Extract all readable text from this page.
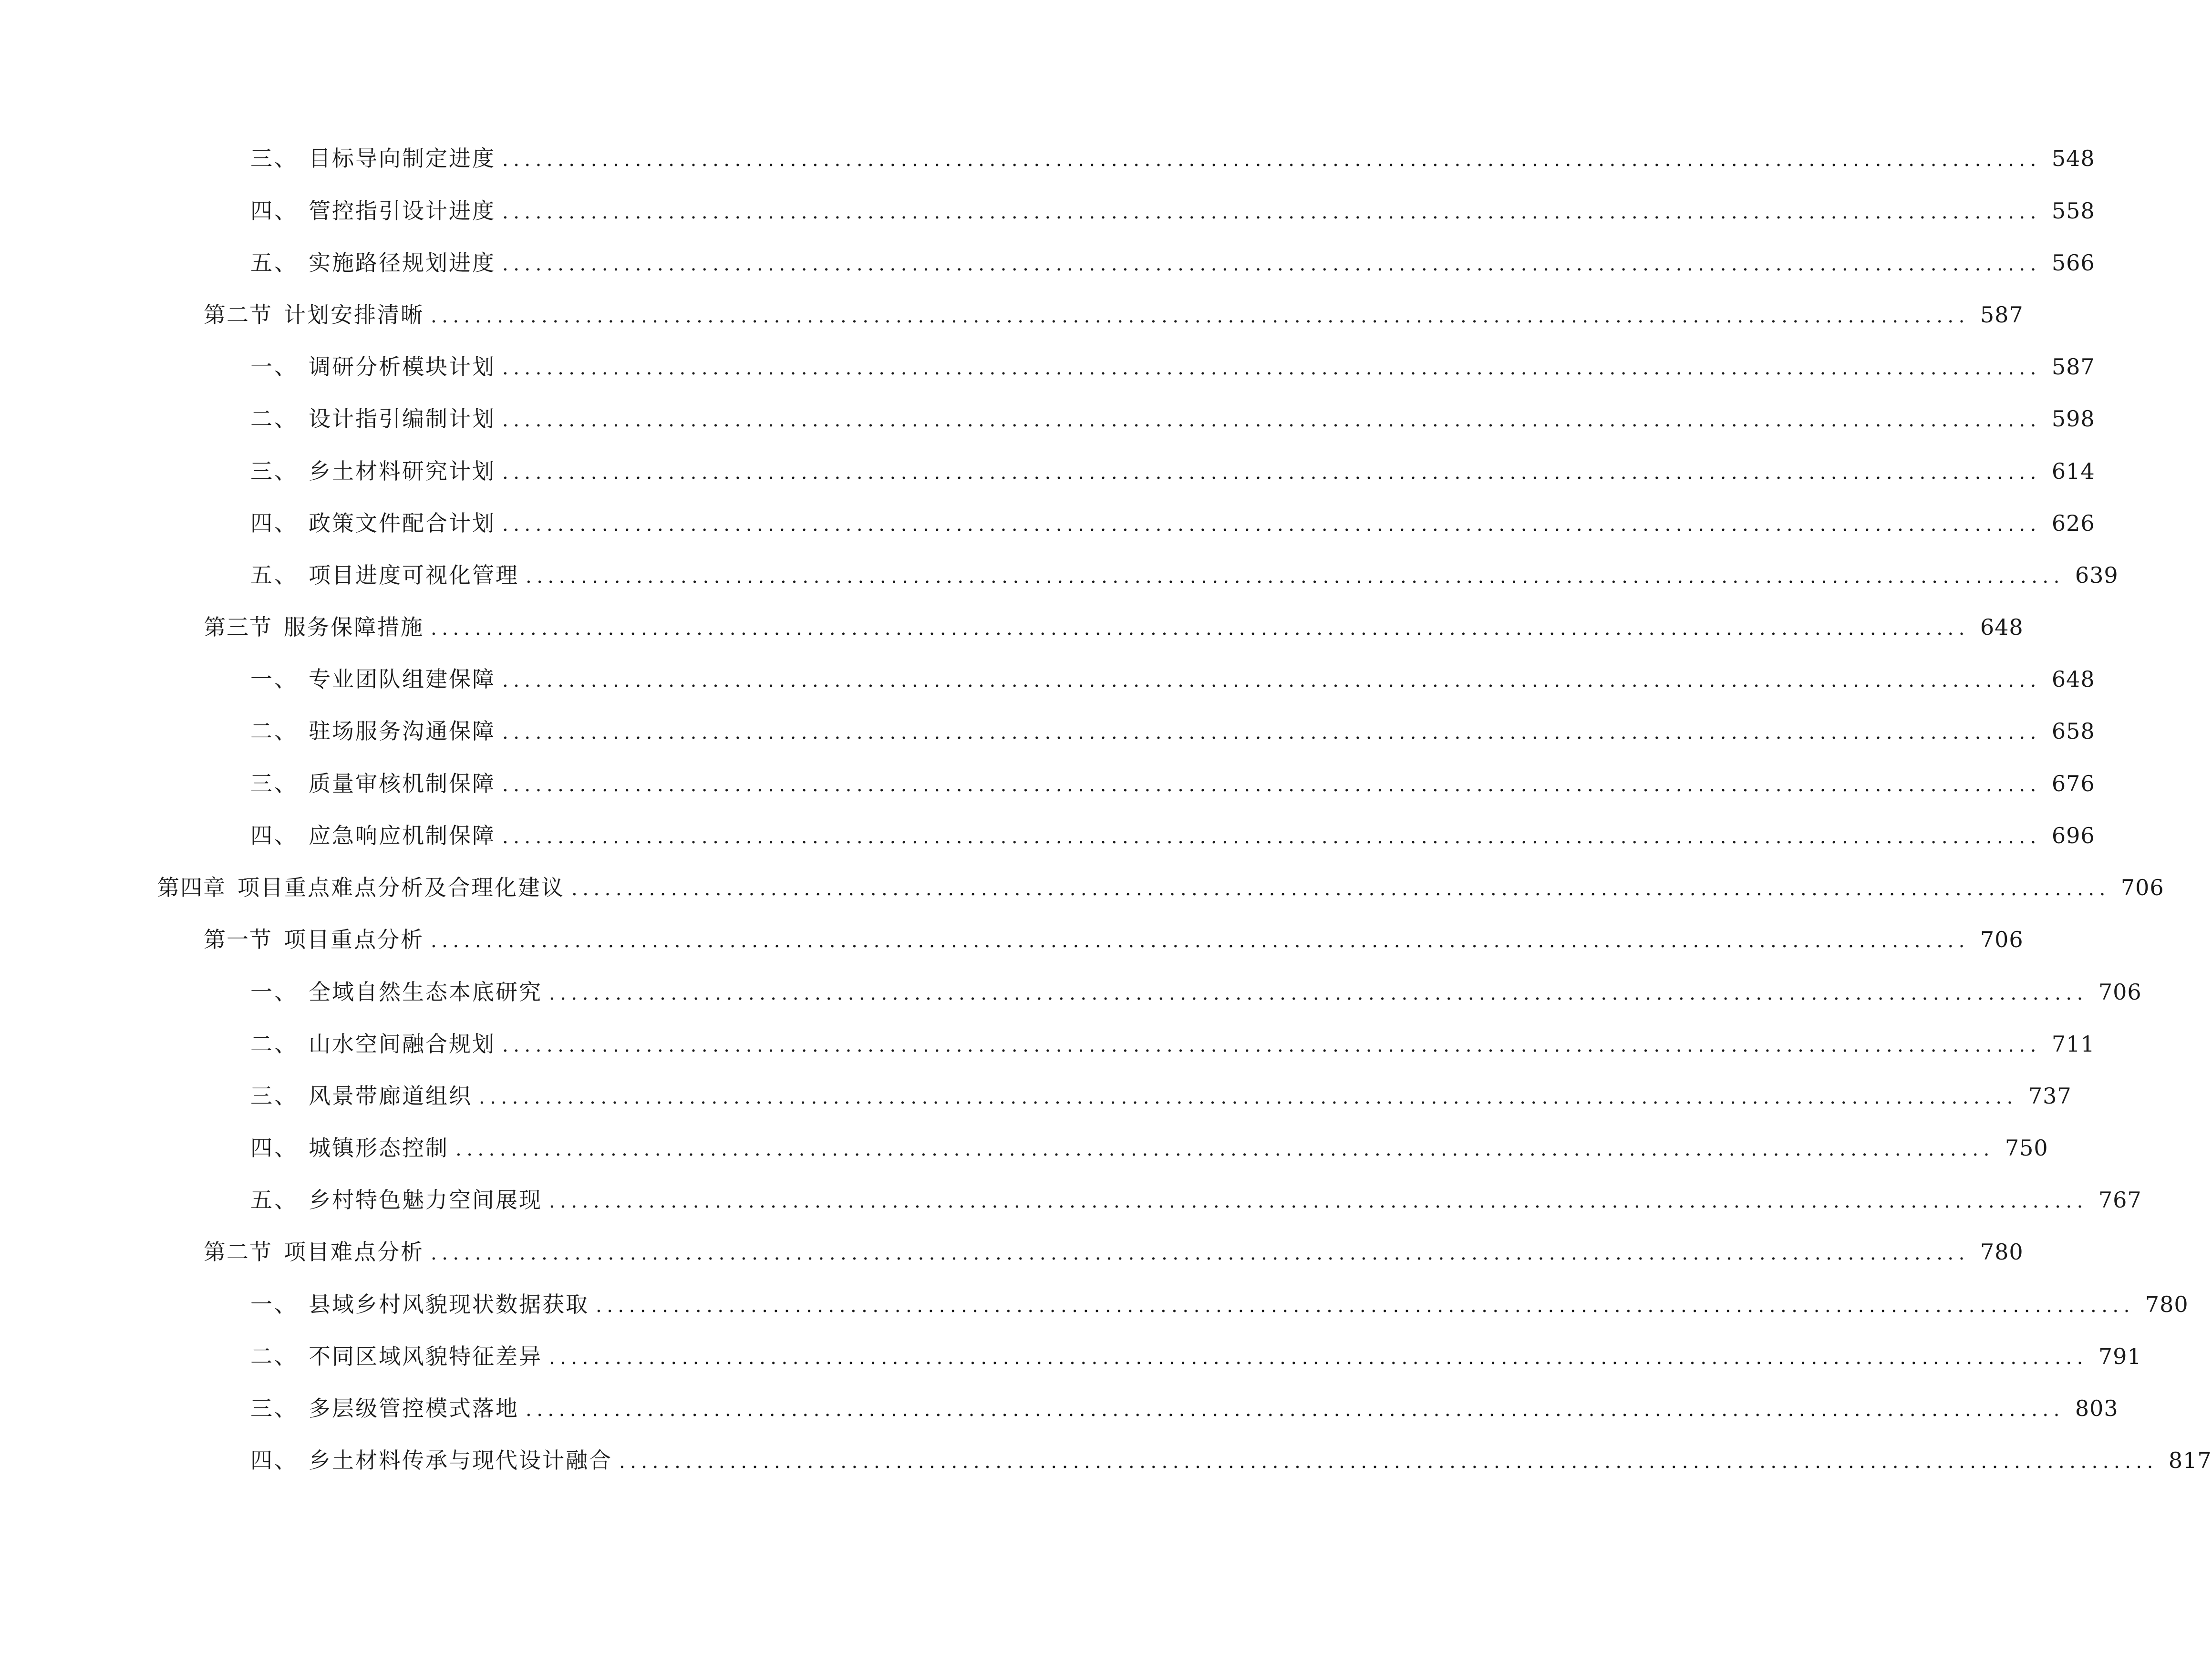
三、 目标导向制定进度 ........................................................................................................................................... 548
四、 管控指引设计进度 ........................................................................................................................................... 558
五、 实施路径规划进度 ........................................................................................................................................... 566
第二节 计划安排清晰 ........................................................................................................................................... 587
一、 调研分析模块计划 ........................................................................................................................................... 587
二、 设计指引编制计划 ........................................................................................................................................... 598
三、 乡土材料研究计划 ........................................................................................................................................... 614
四、 政策文件配合计划 ........................................................................................................................................... 626
五、 项目进度可视化管理 ........................................................................................................................................... 639
第三节 服务保障措施 ........................................................................................................................................... 648
一、 专业团队组建保障 ........................................................................................................................................... 648
二、 驻场服务沟通保障 ........................................................................................................................................... 658
三、 质量审核机制保障 ........................................................................................................................................... 676
四、 应急响应机制保障 ........................................................................................................................................... 696
第四章 项目重点难点分析及合理化建议 ........................................................................................................................................... 706
第一节 项目重点分析 ........................................................................................................................................... 706
一、 全域自然生态本底研究 ........................................................................................................................................... 706
二、 山水空间融合规划 ........................................................................................................................................... 711
三、 风景带廊道组织 ........................................................................................................................................... 737
四、 城镇形态控制 ........................................................................................................................................... 750
五、 乡村特色魅力空间展现 ........................................................................................................................................... 767
第二节 项目难点分析 ........................................................................................................................................... 780
一、 县域乡村风貌现状数据获取 ........................................................................................................................................... 780
二、 不同区域风貌特征差异 ........................................................................................................................................... 791
三、 多层级管控模式落地 ........................................................................................................................................... 803
四、 乡土材料传承与现代设计融合 ........................................................................................................................................... 817
